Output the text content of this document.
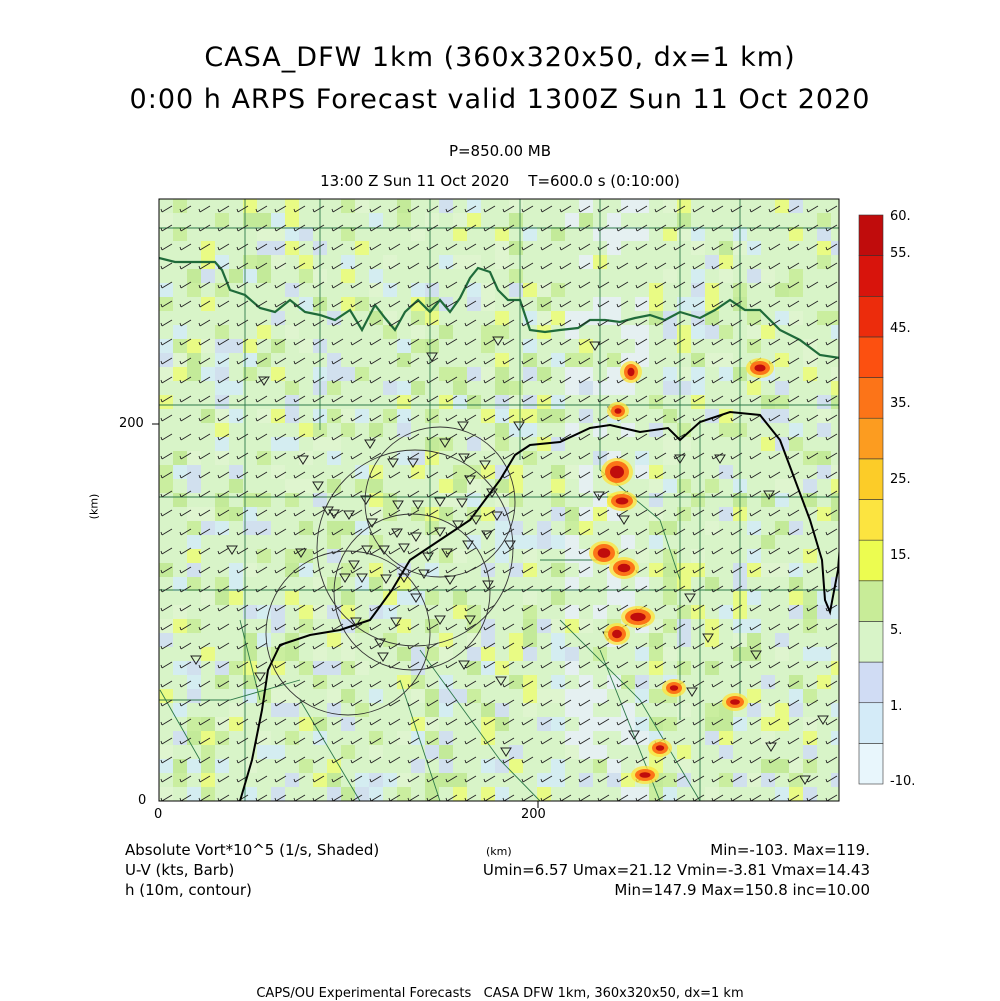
CASA_DFW 1km (360x320x50, dx=1 km)
0:00 h ARPS Forecast valid 1300Z Sun 11 Oct 2020
P=850.00 MB
13:00 Z Sun 11 Oct 2020    T=600.0 s (0:10:00)
0	200
0
200
(km)
(km)
60.
55.
45.
35.
25.
15.
5.
1.
-10.
Absolute Vort*10^5 (1/s, Shaded)
U-V (kts, Barb)
h (10m, contour)
Min=-103. Max=119.
Umin=6.57 Umax=21.12 Vmin=-3.81 Vmax=14.43
Min=147.9 Max=150.8 inc=10.00
CAPS/OU Experimental Forecasts   CASA DFW 1km, 360x320x50, dx=1 km
